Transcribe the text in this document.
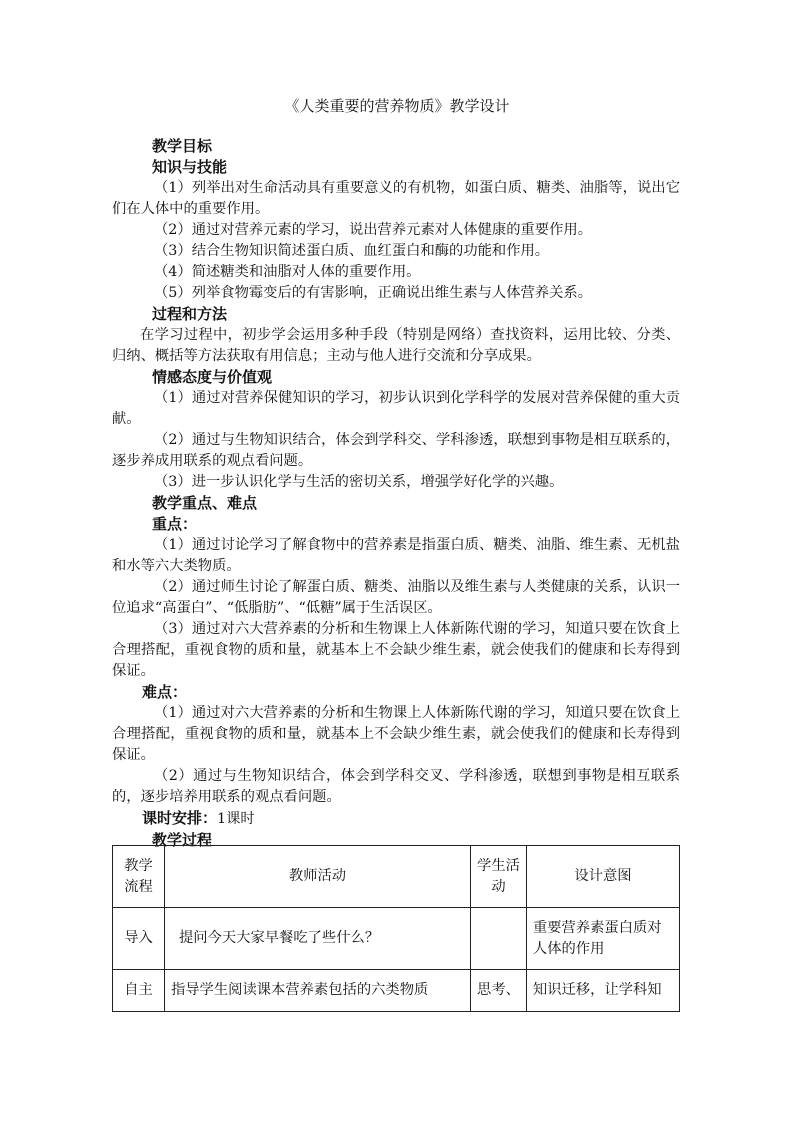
《人类重要的营养物质》教学设计
教学目标
知识与技能

（1）列举出对生命活动具有重要意义的有机物，如蛋白质、糖类、油脂等，说出它们在人体中的重要作用。

（2）通过对营养元素的学习，说出营养元素对人体健康的重要作用。

（3）结合生物知识简述蛋白质、血红蛋白和酶的功能和作用。

（4）简述糖类和油脂对人体的重要作用。

（5）列举食物霉变后的有害影响，正确说出维生素与人体营养关系。

过程和方法

在学习过程中，初步学会运用多种手段（特别是网络）查找资料，运用比较、分类、归纳、概括等方法获取有用信息；主动与他人进行交流和分享成果。

情感态度与价值观

（1）通过对营养保健知识的学习，初步认识到化学科学的发展对营养保健的重大贡献。

（2）通过与生物知识结合，体会到学科交、学科渗透，联想到事物是相互联系的，逐步养成用联系的观点看问题。

（3）进一步认识化学与生活的密切关系，增强学好化学的兴趣。

教学重点、难点
重点：

（1）通过讨论学习了解食物中的营养素是指蛋白质、糖类、油脂、维生素、无机盐和水等六大类物质。

（2）通过师生讨论了解蛋白质、糖类、油脂以及维生素与人类健康的关系，认识一位追求“高蛋白”、“低脂肪”、“低糖”属于生活误区。

（3）通过对六大营养素的分析和生物课上人体新陈代谢的学习，知道只要在饮食上合理搭配，重视食物的质和量，就基本上不会缺少维生素，就会使我们的健康和长寿得到保证。

难点：

（1）通过对六大营养素的分析和生物课上人体新陈代谢的学习，知道只要在饮食上合理搭配，重视食物的质和量，就基本上不会缺少维生素，就会使我们的健康和长寿得到保证。

（2）通过与生物知识结合，体会到学科交叉、学科渗透，联想到事物是相互联系的，逐步培养用联系的观点看问题。

课时安排：1课时
教学过程
教学流程	教师活动	学生活动	设计意图
导入	提问今天大家早餐吃了些什么？		重要营养素蛋白质对人体的作用
自主	指导学生阅读课本营养素包括的六类物质	思考、	知识迁移，让学科知
